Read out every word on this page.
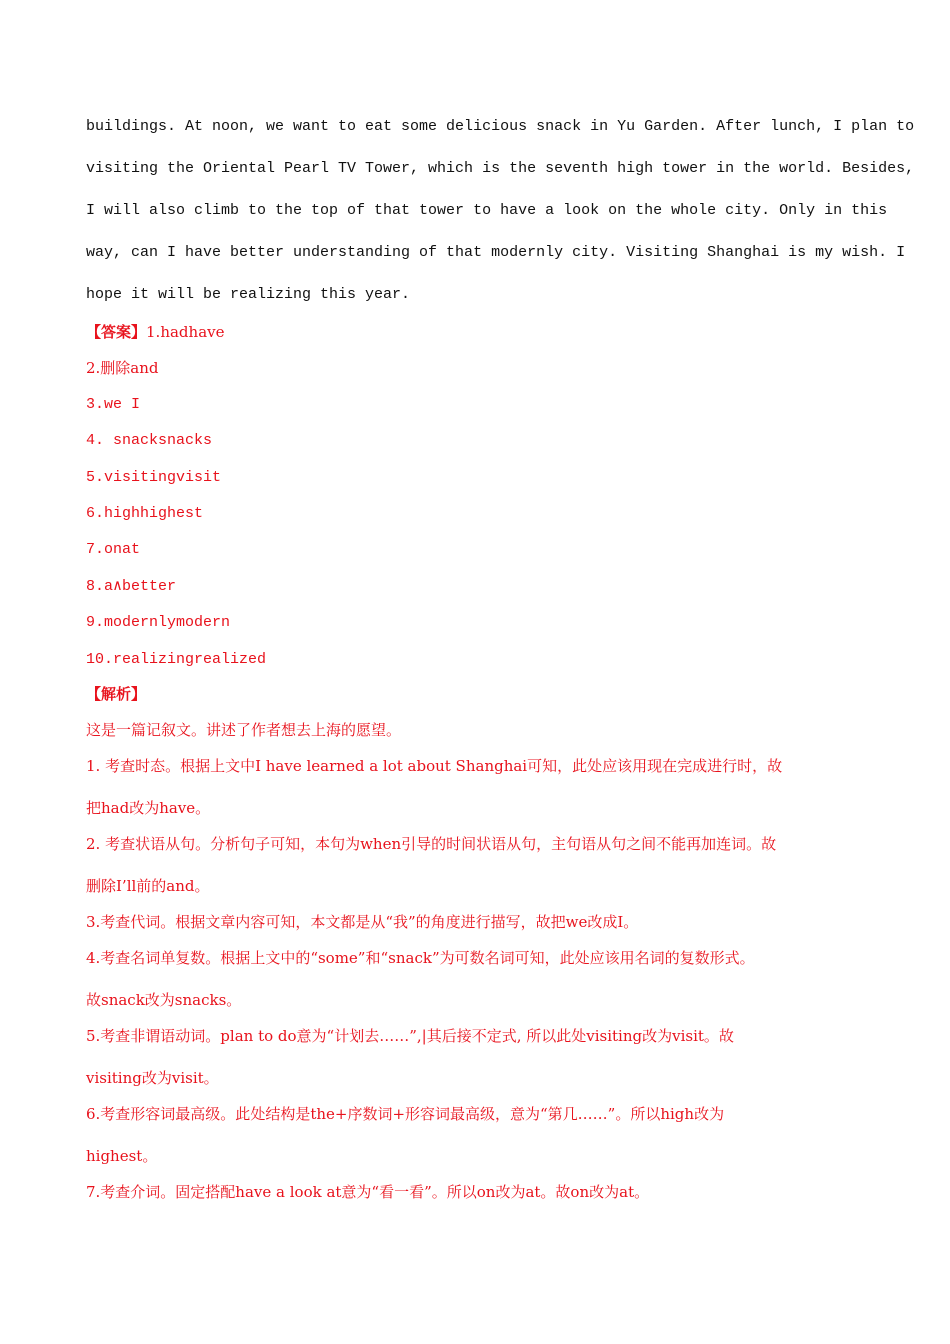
buildings. At noon, we want to eat some delicious snack in Yu Garden. After lunch, I plan to
visiting the Oriental Pearl TV Tower, which is the seventh high tower in the world. Besides,
I will also climb to the top of that tower to have a look on the whole city. Only in this
way, can I have better understanding of that modernly city. Visiting Shanghai is my wish. I
hope it will be realizing this year.
【答案】1.hadhave
2.删除and
3.we I
4. snacksnacks
5.visitingvisit
6.highhighest
7.onat
8.a∧better
9.modernlymodern
10.realizingrealized
【解析】
这是一篇记叙文。讲述了作者想去上海的愿望。
1. 考查时态。根据上文中I have learned a lot about Shanghai可知，此处应该用现在完成进行时，故
把had改为have。
2. 考查状语从句。分析句子可知，本句为when引导的时间状语从句，主句语从句之间不能再加连词。故
删除I’ll前的and。
3.考查代词。根据文章内容可知，本文都是从“我”的角度进行描写，故把we改成I。
4.考查名词单复数。根据上文中的“some”和“snack”为可数名词可知，此处应该用名词的复数形式。
故snack改为snacks。
5.考查非谓语动词。plan to do意为“计划去……”,|其后接不定式, 所以此处visiting改为visit。故
visiting改为visit。
6.考查形容词最高级。此处结构是the+序数词+形容词最高级，意为“第几……”。所以high改为
highest。
7.考查介词。固定搭配have a look at意为“看一看”。所以on改为at。故on改为at。
